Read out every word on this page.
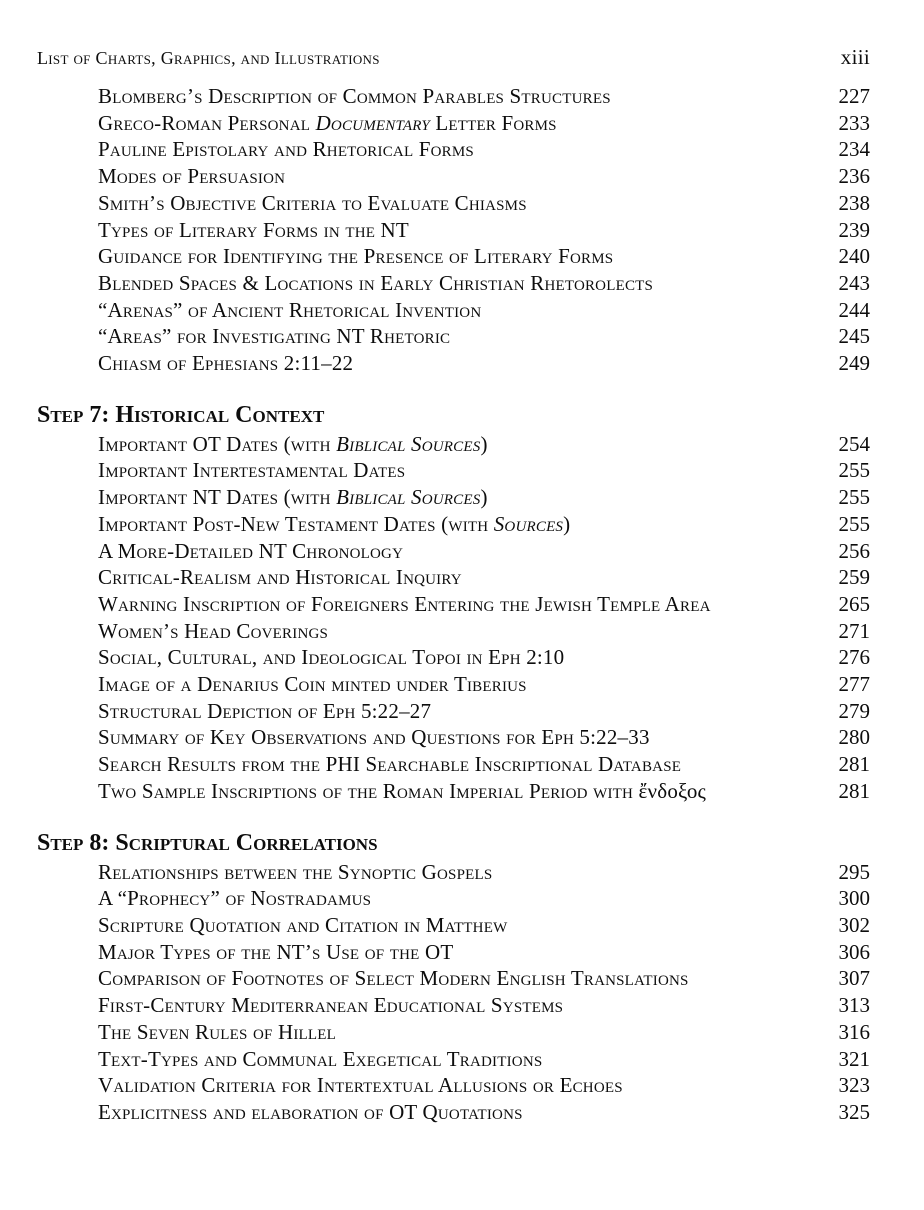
List of Charts, Graphics, and Illustrations	xiii
Blomberg’s Description of Common Parables Structures	227
Greco-Roman Personal Documentary Letter Forms	233
Pauline Epistolary and Rhetorical Forms	234
Modes of Persuasion	236
Smith’s Objective Criteria to Evaluate Chiasms	238
Types of Literary Forms in the NT	239
Guidance for Identifying the Presence of Literary Forms	240
Blended Spaces & Locations in Early Christian Rhetorolects	243
“Arenas” of Ancient Rhetorical Invention	244
“Areas” for Investigating NT Rhetoric	245
Chiasm of Ephesians 2:11–22	249
Step 7: Historical Context
Important OT Dates (with Biblical Sources)	254
Important Intertestamental Dates	255
Important NT Dates (with Biblical Sources)	255
Important Post-New Testament Dates (with Sources)	255
A More-Detailed NT Chronology	256
Critical-Realism and Historical Inquiry	259
Warning Inscription of Foreigners Entering the Jewish Temple Area	265
Women’s Head Coverings	271
Social, Cultural, and Ideological Topoi in Eph 2:10	276
Image of a Denarius Coin minted under Tiberius	277
Structural Depiction of Eph 5:22–27	279
Summary of Key Observations and Questions for Eph 5:22–33	280
Search Results from the PHI Searchable Inscriptional Database	281
Two Sample Inscriptions of the Roman Imperial Period with ἔνδοξος	281
Step 8: Scriptural Correlations
Relationships between the Synoptic Gospels	295
A “Prophecy” of Nostradamus	300
Scripture Quotation and Citation in Matthew	302
Major Types of the NT’s Use of the OT	306
Comparison of Footnotes of Select Modern English Translations	307
First-Century Mediterranean Educational Systems	313
The Seven Rules of Hillel	316
Text-Types and Communal Exegetical Traditions	321
Validation Criteria for Intertextual Allusions or Echoes	323
Explicitness and elaboration of OT Quotations	325
